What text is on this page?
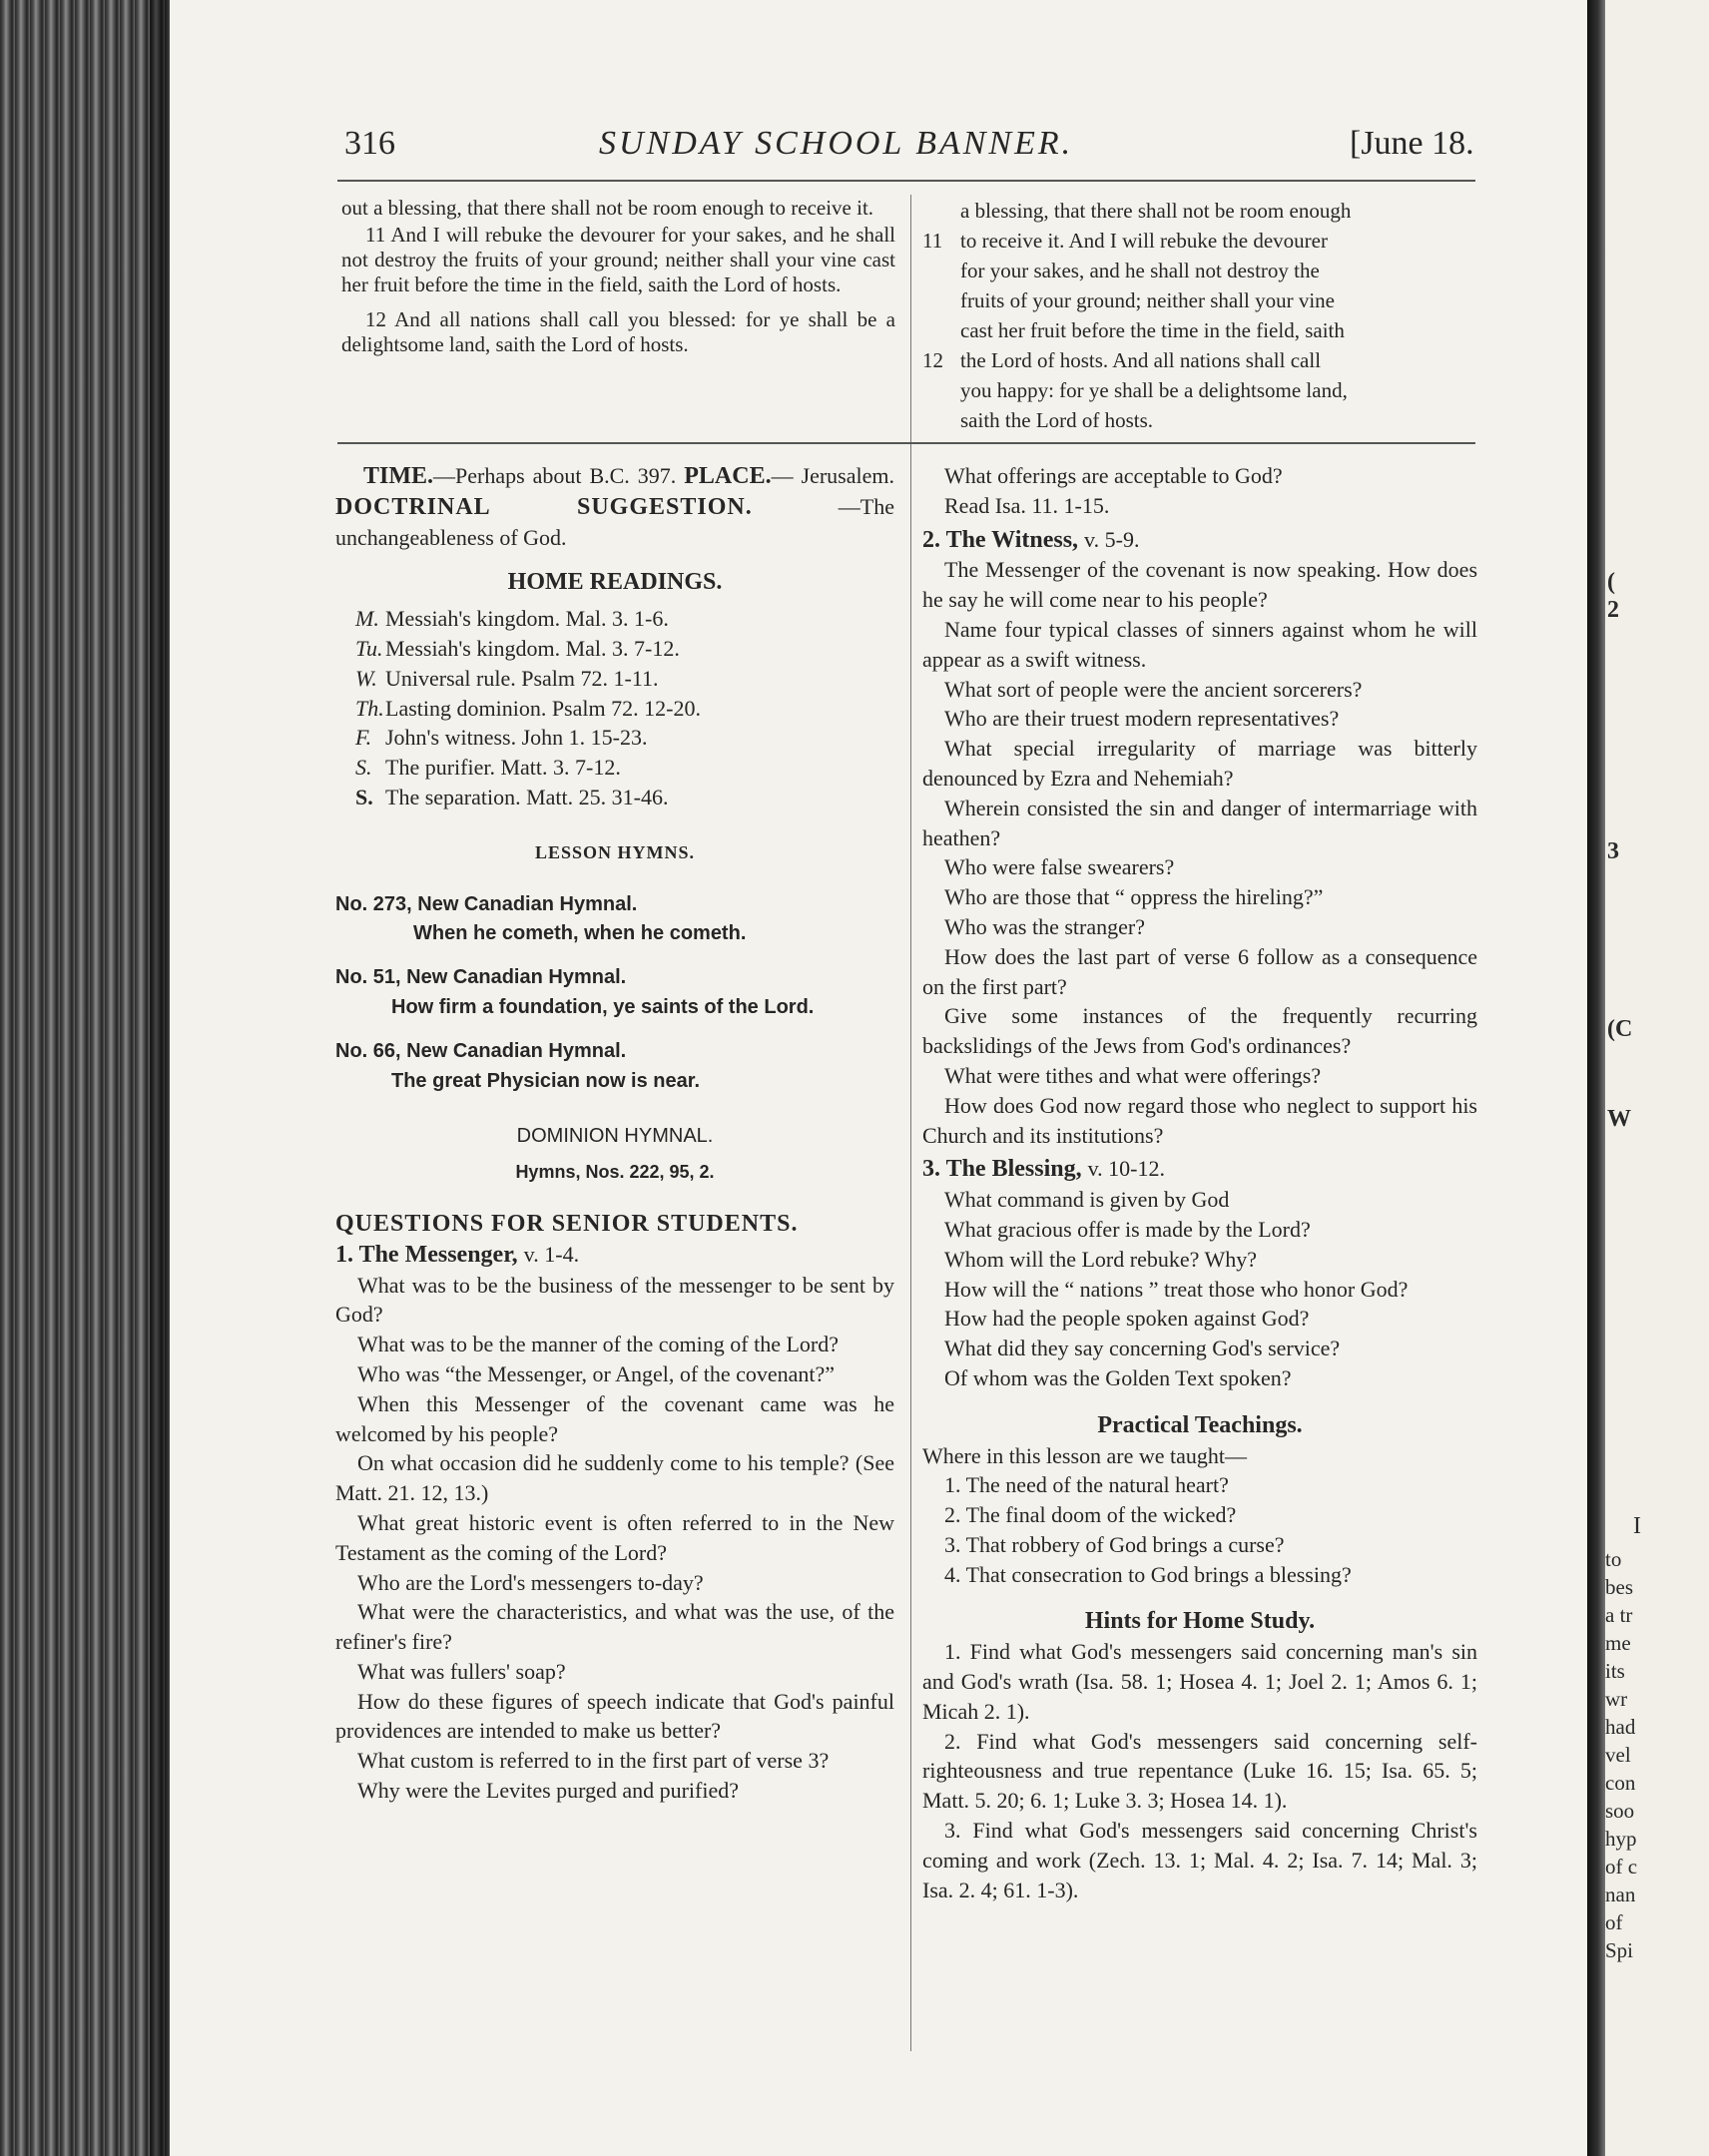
(
2
3
(C
W
I
to
bes
a tr
me
its
wr
had
vel
con
soo
hyp
of c
nan
of
Spi
316	SUNDAY SCHOOL BANNER.	[June 18.

out a blessing, that there shall not be room enough to receive it.

11 And I will rebuke the devourer for your sakes, and he shall not destroy the fruits of your ground; neither shall your vine cast her fruit before the time in the field, saith the Lord of hosts.

12 And all nations shall call you blessed: for ye shall be a delightsome land, saith the Lord of hosts.

11
12
a blessing, that there shall not be room enough
to receive it. And I will rebuke the devourer
for your sakes, and he shall not destroy the
fruits of your ground; neither shall your vine
cast her fruit before the time in the field, saith
the Lord of hosts. And all nations shall call
you happy: for ye shall be a delightsome land,
saith the Lord of hosts.

TIME.—Perhaps about B.C. 397. PLACE.— Jerusalem. DOCTRINAL SUGGESTION.	—The unchangeableness of God.

HOME READINGS.

M. Messiah's kingdom. Mal. 3. 1-6.

Tu. Messiah's kingdom. Mal. 3. 7-12.

W. Universal rule. Psalm 72. 1-11.

Th.Lasting dominion. Psalm 72. 12-20.

F. John's witness. John 1. 15-23.

S. The purifier. Matt. 3. 7-12.

S. The separation. Matt. 25. 31-46.

LESSON HYMNS.

No. 273, New Canadian Hymnal.

When he cometh, when he cometh.

No. 51, New Canadian Hymnal.

How firm a foundation, ye saints of the Lord.

No. 66, New Canadian Hymnal.

The great Physician now is near.

DOMINION HYMNAL.

Hymns, Nos. 222, 95, 2.

QUESTIONS FOR SENIOR STUDENTS.

1. The Messenger, v. 1-4.

What was to be the business of the messenger to be sent by God?

What was to be the manner of the coming of the Lord?

Who was “the Messenger, or Angel, of the covenant?”

When this Messenger of the covenant came was he welcomed by his people?

On what occasion did he suddenly come to his temple? (See Matt. 21. 12, 13.)

What great historic event is often referred to in the New Testament as the coming of the Lord?

Who are the Lord's messengers to-day?

What were the characteristics, and what was the use, of the refiner's fire?

What was fullers' soap?

How do these figures of speech indicate that God's painful providences are intended to make us better?

What custom is referred to in the first part of verse 3?

Why were the Levites purged and purified?

What offerings are acceptable to God?

Read Isa. 11. 1-15.

2. The Witness, v. 5-9.

The Messenger of the covenant is now speaking. How does he say he will come near to his people?

Name four typical classes of sinners against whom he will appear as a swift witness.

What sort of people were the ancient sorcerers?

Who are their truest modern representatives?

What special irregularity of marriage was bitterly denounced by Ezra and Nehemiah?

Wherein consisted the sin and danger of intermarriage with heathen?

Who were false swearers?

Who are those that “ oppress the hireling?”

Who was the stranger?

How does the last part of verse 6 follow as a consequence on the first part?

Give some instances of the frequently recurring backslidings of the Jews from God's ordinances?

What were tithes and what were offerings?

How does God now regard those who neglect to support his Church and its institutions?

3. The Blessing, v. 10-12.

What command is given by God

What gracious offer is made by the Lord?

Whom will the Lord rebuke? Why?

How will the “ nations ” treat those who honor God?

How had the people spoken against God?

What did they say concerning God's service?

Of whom was the Golden Text spoken?

Practical Teachings.

Where in this lesson are we taught—

1. The need of the natural heart?

2. The final doom of the wicked?

3. That robbery of God brings a curse?

4. That consecration to God brings a blessing?

Hints for Home Study.

1. Find what God's messengers said concerning man's sin and God's wrath (Isa. 58. 1; Hosea 4. 1; Joel 2. 1; Amos 6. 1; Micah 2. 1).

2. Find what God's messengers said concerning self-righteousness and true repentance (Luke 16. 15; Isa. 65. 5; Matt. 5. 20; 6. 1; Luke 3. 3; Hosea 14. 1).

3. Find what God's messengers said concerning Christ's coming and work (Zech. 13. 1; Mal. 4. 2; Isa. 7. 14; Mal. 3; Isa. 2. 4; 61. 1-3).
